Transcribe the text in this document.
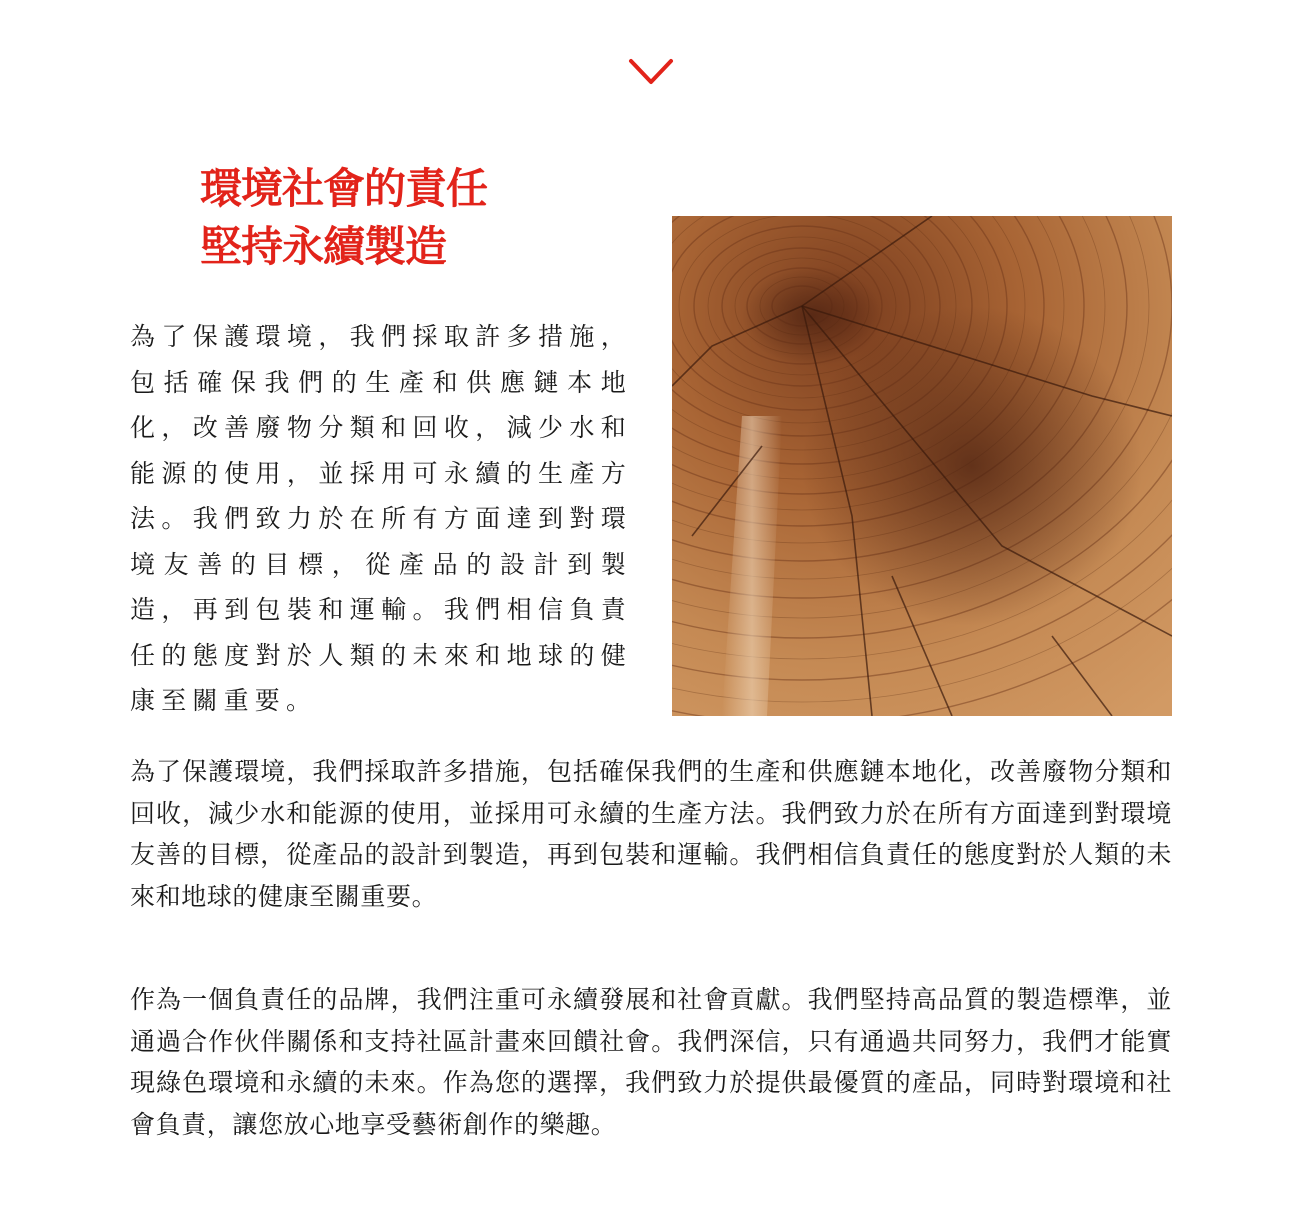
環境社會的責任
堅持永續製造

為了保護環境，我們採取許多措施，包括確保我們的生產和供應鏈本地化，改善廢物分類和回收，減少水和能源的使用，並採用可永續的生產方法。我們致力於在所有方面達到對環境友善的目標，從產品的設計到製造，再到包裝和運輸。我們相信負責任的態度對於人類的未來和地球的健康至關重要。

為了保護環境，我們採取許多措施，包括確保我們的生產和供應鏈本地化，改善廢物分類和回收，減少水和能源的使用，並採用可永續的生產方法。我們致力於在所有方面達到對環境友善的目標，從產品的設計到製造，再到包裝和運輸。我們相信負責任的態度對於人類的未來和地球的健康至關重要。

作為一個負責任的品牌，我們注重可永續發展和社會貢獻。我們堅持高品質的製造標準，並通過合作伙伴關係和支持社區計畫來回饋社會。我們深信，只有通過共同努力，我們才能實現綠色環境和永續的未來。作為您的選擇，我們致力於提供最優質的產品，同時對環境和社會負責，讓您放心地享受藝術創作的樂趣。
